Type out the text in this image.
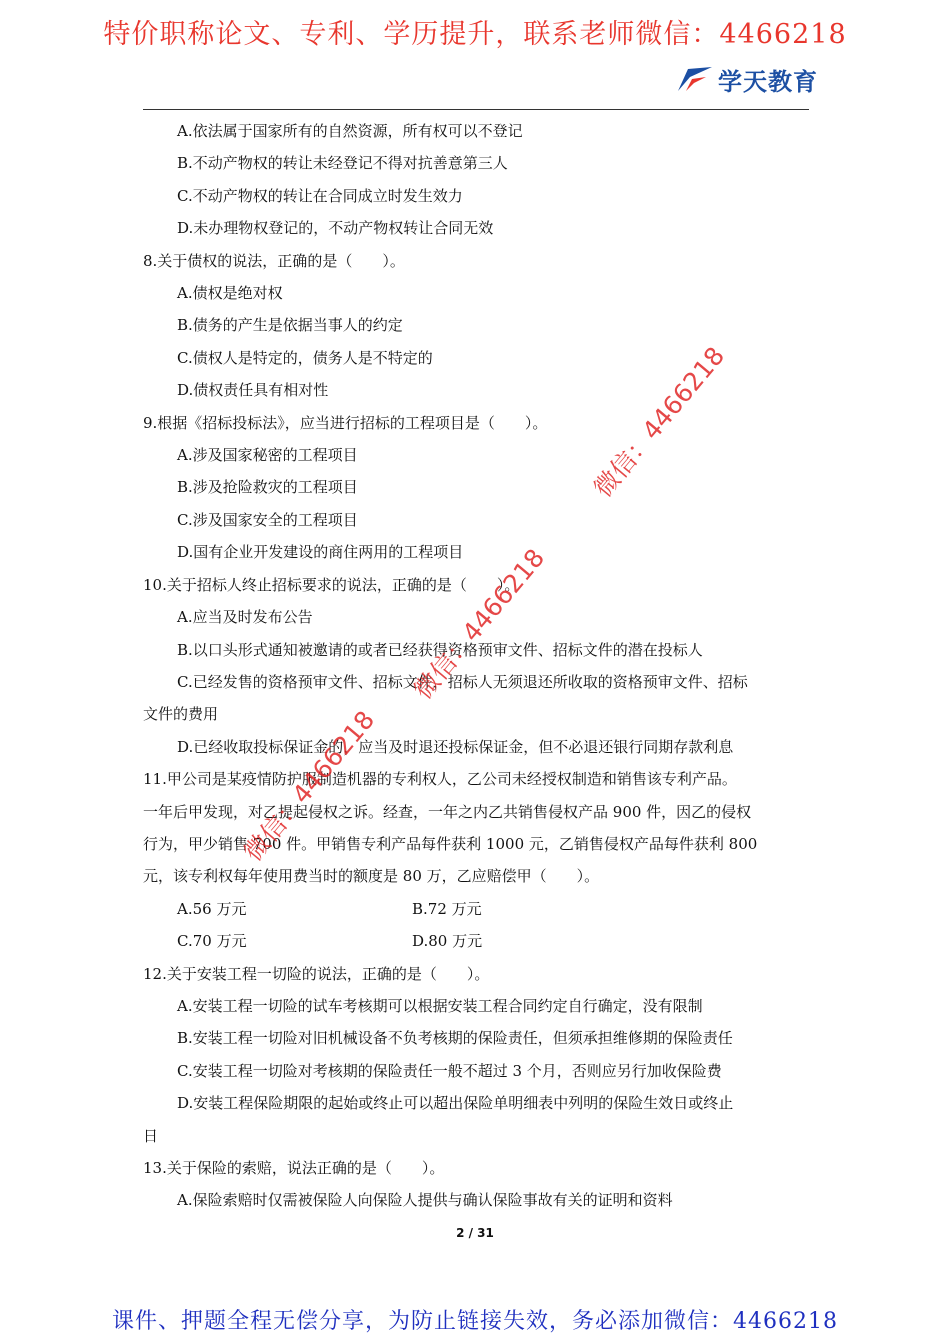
特价职称论文、专利、学历提升，联系老师微信：4466218
学天教育
A.依法属于国家所有的自然资源，所有权可以不登记
B.不动产物权的转让未经登记不得对抗善意第三人
C.不动产物权的转让在合同成立时发生效力
D.未办理物权登记的，不动产物权转让合同无效
8.关于债权的说法，正确的是（　　）。
A.债权是绝对权
B.债务的产生是依据当事人的约定
C.债权人是特定的，债务人是不特定的
D.债权责任具有相对性
9.根据《招标投标法》，应当进行招标的工程项目是（　　）。
A.涉及国家秘密的工程项目
B.涉及抢险救灾的工程项目
C.涉及国家安全的工程项目
D.国有企业开发建设的商住两用的工程项目
10.关于招标人终止招标要求的说法，正确的是（　　）。
A.应当及时发布公告
B.以口头形式通知被邀请的或者已经获得资格预审文件、招标文件的潜在投标人
C.已经发售的资格预审文件、招标文件，招标人无须退还所收取的资格预审文件、招标
文件的费用
D.已经收取投标保证金的，应当及时退还投标保证金，但不必退还银行同期存款利息
11.甲公司是某疫情防护服制造机器的专利权人，乙公司未经授权制造和销售该专利产品。
一年后甲发现，对乙提起侵权之诉。经查，一年之内乙共销售侵权产品 900 件，因乙的侵权
行为，甲少销售 700 件。甲销售专利产品每件获利 1000 元，乙销售侵权产品每件获利 800
元，该专利权每年使用费当时的额度是 80 万，乙应赔偿甲（　　）。
A.56 万元	B.72 万元
C.70 万元	D.80 万元
12.关于安装工程一切险的说法，正确的是（　　）。
A.安装工程一切险的试车考核期可以根据安装工程合同约定自行确定，没有限制
B.安装工程一切险对旧机械设备不负考核期的保险责任，但须承担维修期的保险责任
C.安装工程一切险对考核期的保险责任一般不超过 3 个月，否则应另行加收保险费
D.安装工程保险期限的起始或终止可以超出保险单明细表中列明的保险生效日或终止
日
13.关于保险的索赔，说法正确的是（　　）。
A.保险索赔时仅需被保险人向保险人提供与确认保险事故有关的证明和资料
2 / 31
课件、押题全程无偿分享，为防止链接失效，务必添加微信：4466218
微信：4466218
微信：4466218
微信：4466218
